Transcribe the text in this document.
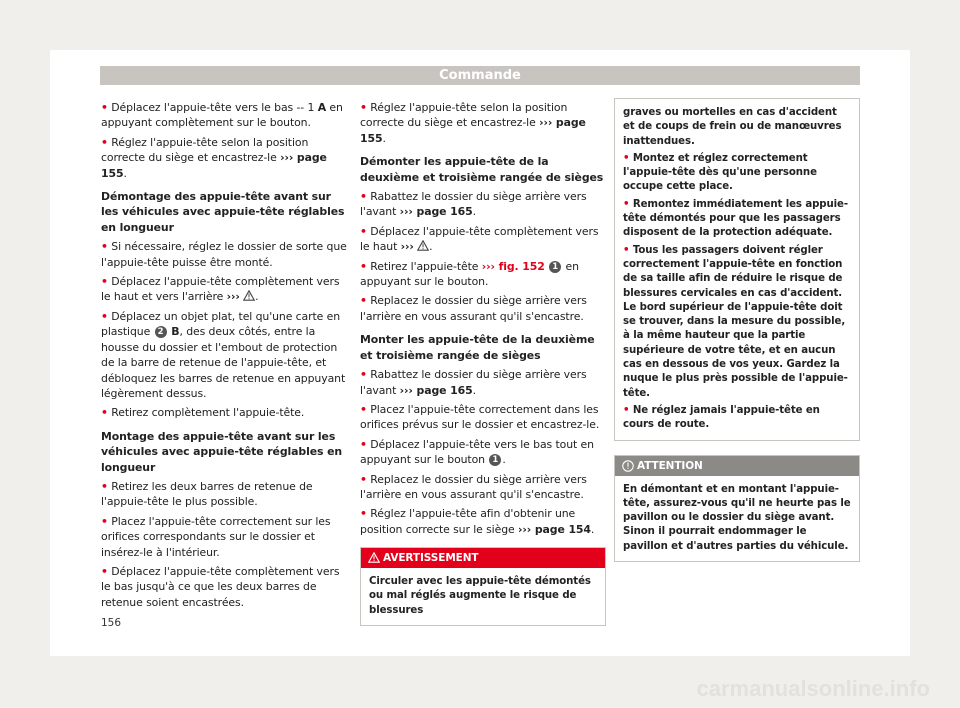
Commande

• Déplacez l'appuie-tête vers le bas ‑‑ 1 A en appuyant complètement sur le bouton.

• Réglez l'appuie-tête selon la position correcte du siège et encastrez-le ››› page 155.

Démontage des appuie-tête avant sur les véhicules avec appuie-tête réglables en longueur

• Si nécessaire, réglez le dossier de sorte que l'appuie-tête puisse être monté.

• Déplacez l'appuie-tête complètement vers le haut et vers l'arrière ››› .

• Déplacez un objet plat, tel qu'une carte en plastique 2 B, des deux côtés, entre la housse du dossier et l'embout de protection de la barre de retenue de l'appuie-tête, et débloquez les barres de retenue en appuyant légèrement dessus.

• Retirez complètement l'appuie-tête.

Montage des appuie-tête avant sur les véhicules avec appuie-tête réglables en longueur

• Retirez les deux barres de retenue de l'appuie-tête le plus possible.

• Placez l'appuie-tête correctement sur les orifices correspondants sur le dossier et insérez-le à l'intérieur.

• Déplacez l'appuie-tête complètement vers le bas jusqu'à ce que les deux barres de retenue soient encastrées.

• Réglez l'appuie-tête selon la position correcte du siège et encastrez-le ››› page 155.

Démonter les appuie-tête de la deuxième et troisième rangée de sièges

• Rabattez le dossier du siège arrière vers l'avant ››› page 165.

• Déplacez l'appuie-tête complètement vers le haut ››› .

• Retirez l'appuie-tête ››› fig. 152 1 en appuyant sur le bouton.

• Replacez le dossier du siège arrière vers l'arrière en vous assurant qu'il s'encastre.

Monter les appuie-tête de la deuxième et troisième rangée de sièges

• Rabattez le dossier du siège arrière vers l'avant ››› page 165.

• Placez l'appuie-tête correctement dans les orifices prévus sur le dossier et encastrez-le.

• Déplacez l'appuie-tête vers le bas tout en appuyant sur le bouton 1 .

• Replacez le dossier du siège arrière vers l'arrière en vous assurant qu'il s'encastre.

• Réglez l'appuie-tête afin d'obtenir une position correcte sur le siège ››› page 154.

AVERTISSEMENT
Circuler avec les appuie-tête démontés ou mal réglés augmente le risque de blessures

graves ou mortelles en cas d'accident et de coups de frein ou de manœuvres inattendues.

• Montez et réglez correctement l'appuie-tête dès qu'une personne occupe cette place.

• Remontez immédiatement les appuie-tête démontés pour que les passagers disposent de la protection adéquate.

• Tous les passagers doivent régler correctement l'appuie-tête en fonction de sa taille afin de réduire le risque de blessures cervicales en cas d'accident. Le bord supérieur de l'appuie-tête doit se trouver, dans la mesure du possible, à la même hauteur que la partie supérieure de votre tête, et en aucun cas en dessous de vos yeux. Gardez la nuque le plus près possible de l'appuie-tête.

• Ne réglez jamais l'appuie-tête en cours de route.

ATTENTION
En démontant et en montant l'appuie-tête, assurez-vous qu'il ne heurte pas le pavillon ou le dossier du siège avant. Sinon il pourrait endommager le pavillon et d'autres parties du véhicule.
156
carmanualsonline.info
